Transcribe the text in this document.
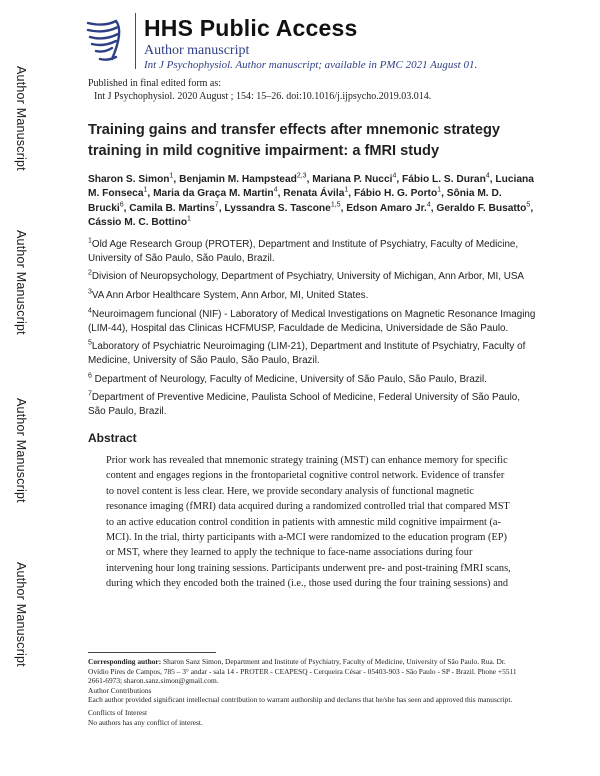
Author Manuscript
Author Manuscript
Author Manuscript
Author Manuscript
HHS Public Access
Author manuscript
Int J Psychophysiol. Author manuscript; available in PMC 2021 August 01.
Published in final edited form as:
Int J Psychophysiol. 2020 August ; 154: 15–26. doi:10.1016/j.ijpsycho.2019.03.014.
Training gains and transfer effects after mnemonic strategy training in mild cognitive impairment: a fMRI study
Sharon S. Simon$^1$, Benjamin M. Hampstead$^{2,3}$, Mariana P. Nucci$^4$, Fábio L. S. Duran$^4$, Luciana M. Fonseca$^1$, Maria da Graça M. Martin$^4$, Renata Ávila$^1$, Fábio H. G. Porto$^1$, Sônia M. D. Brucki$^6$, Camila B. Martins$^7$, Lyssandra S. Tascone$^{1,5}$, Edson Amaro Jr.$^4$, Geraldo F. Busatto$^5$, Cássio M. C. Bottino$^1$
$^1$Old Age Research Group (PROTER), Department and Institute of Psychiatry, Faculty of Medicine, University of São Paulo, São Paulo, Brazil.
$^2$Division of Neuropsychology, Department of Psychiatry, University of Michigan, Ann Arbor, MI, USA
$^3$VA Ann Arbor Healthcare System, Ann Arbor, MI, United States.
$^4$Neuroimagem funcional (NIF) - Laboratory of Medical Investigations on Magnetic Resonance Imaging (LIM-44), Hospital das Clinicas HCFMUSP, Faculdade de Medicina, Universidade de São Paulo.
$^5$Laboratory of Psychiatric Neuroimaging (LIM-21), Department and Institute of Psychiatry, Faculty of Medicine, University of São Paulo, São Paulo, Brazil.
$^6$ Department of Neurology, Faculty of Medicine, University of São Paulo, São Paulo, Brazil.
$^7$Department of Preventive Medicine, Paulista School of Medicine, Federal University of São Paulo, São Paulo, Brazil.
Abstract

Prior work has revealed that mnemonic strategy training (MST) can enhance memory for specific content and engages regions in the frontoparietal cognitive control network. Evidence of transfer to novel content is less clear. Here, we provide secondary analysis of functional magnetic resonance imaging (fMRI) data acquired during a randomized controlled trial that compared MST to an active education control condition in patients with amnestic mild cognitive impairment (a-MCI). In the trial, thirty participants with a-MCI were randomized to the education program (EP) or MST, where they learned to apply the technique to face-name associations during four intervening hour long training sessions. Participants underwent pre- and post-training fMRI scans, during which they encoded both the trained (i.e., those used during the four training sessions) and

Corresponding author: Sharon Sanz Simon, Department and Institute of Psychiatry, Faculty of Medicine, University of São Paulo. Rua. Dr. Ovídio Pires de Campos, 785 – 3° andar - sala 14 - PROTER - CEAPESQ - Cerqueira César - 05403-903 - São Paulo - SP - Brazil. Phone +5511 2661-6973; sharon.sanz.simon@gmail.com.

Author Contributions

Each author provided significant intellectual contribution to warrant authorship and declares that he/she has seen and approved this manuscript.

Conflicts of Interest

No authors has any conflict of interest.
